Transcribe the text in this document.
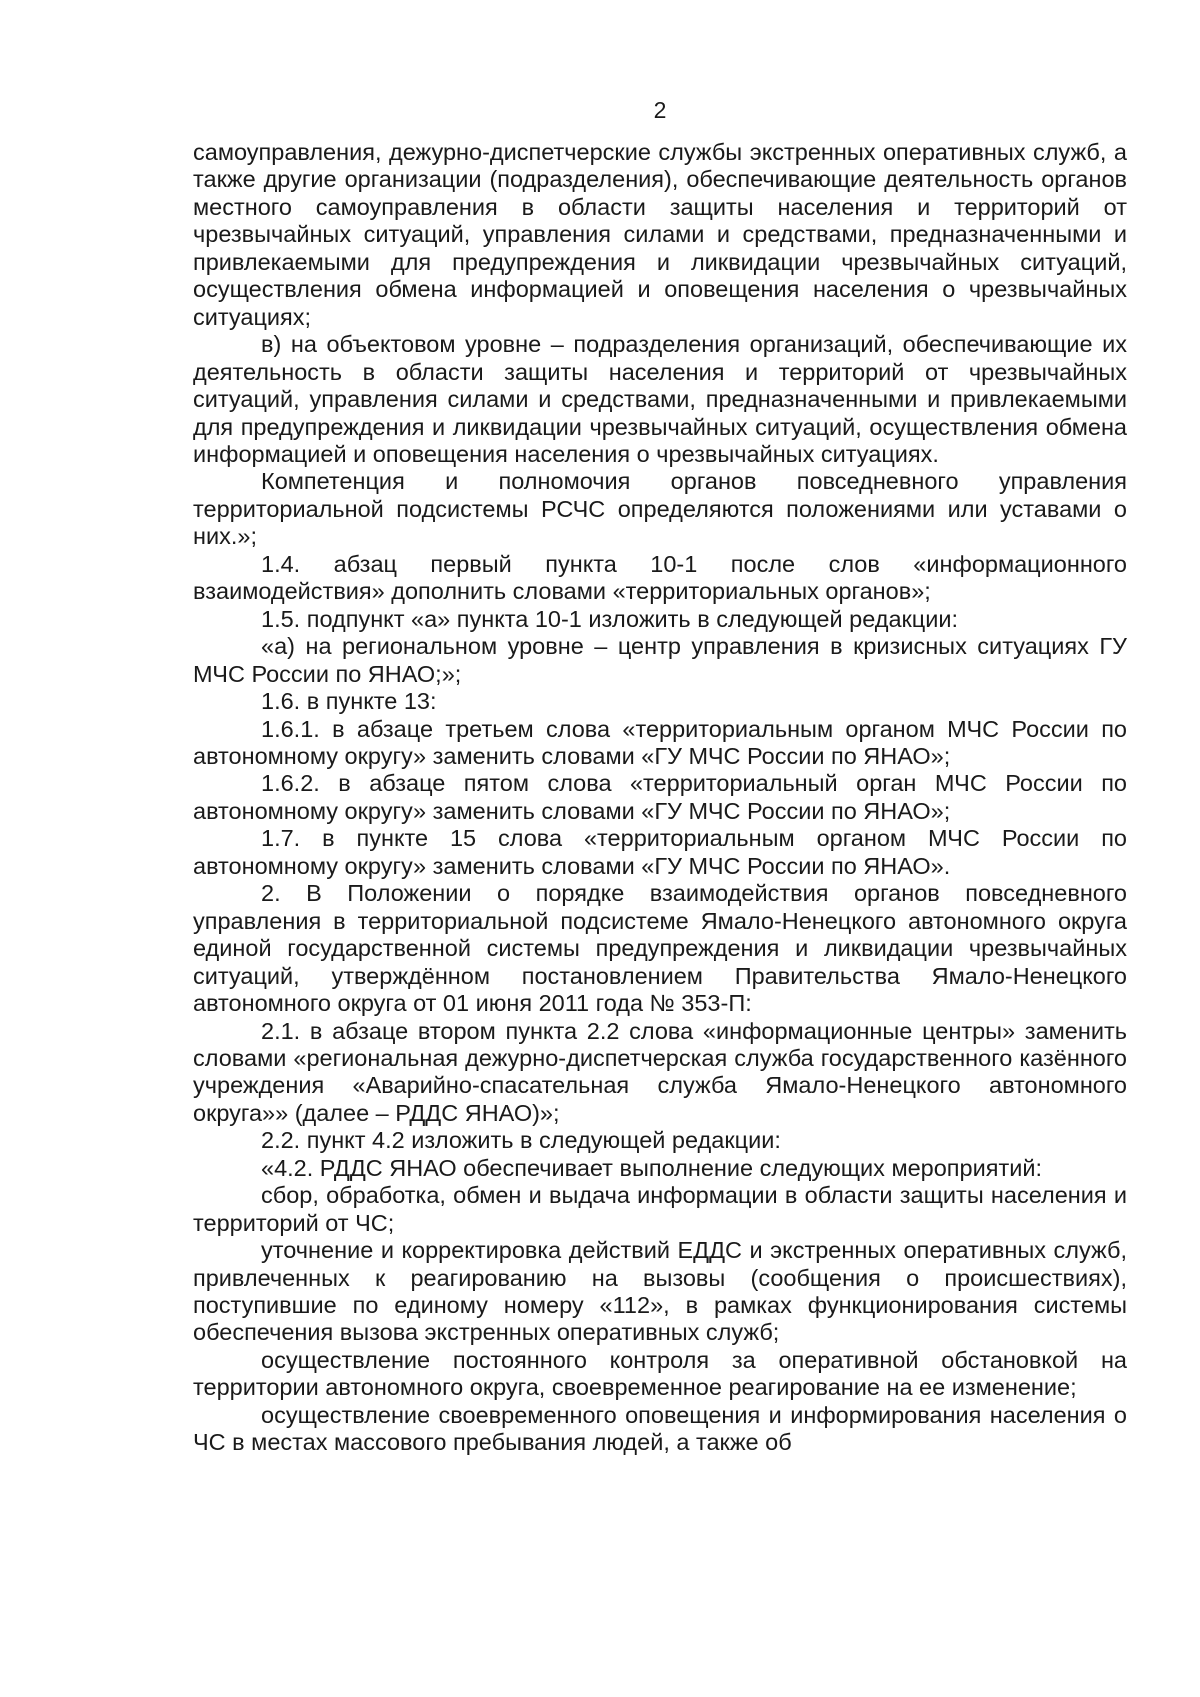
2

самоуправления, дежурно-диспетчерские службы экстренных оперативных служб, а также другие организации (подразделения), обеспечивающие деятельность органов местного самоуправления в области защиты населения и территорий от чрезвычайных ситуаций, управления силами и средствами, предназначенными и привлекаемыми для предупреждения и ликвидации чрезвычайных ситуаций, осуществления обмена информацией и оповещения населения о чрезвычайных ситуациях;

в) на объектовом уровне – подразделения организаций, обеспечивающие их деятельность в области защиты населения и территорий от чрезвычайных ситуаций, управления силами и средствами, предназначенными и привлекаемыми для предупреждения и ликвидации чрезвычайных ситуаций, осуществления обмена информацией и оповещения населения о чрезвычайных ситуациях.

Компетенция и полномочия органов повседневного управления территориальной подсистемы РСЧС определяются положениями или уставами о них.»;

1.4. абзац первый пункта 10-1 после слов «информационного взаимодействия» дополнить словами «территориальных органов»;

1.5. подпункт «а» пункта 10-1 изложить в следующей редакции:

«а) на региональном уровне – центр управления в кризисных ситуациях ГУ МЧС России по ЯНАО;»;

1.6. в пункте 13:

1.6.1. в абзаце третьем слова «территориальным органом МЧС России по автономному округу» заменить словами «ГУ МЧС России по ЯНАО»;

1.6.2. в абзаце пятом слова «территориальный орган МЧС России по автономному округу» заменить словами «ГУ МЧС России по ЯНАО»;

1.7. в пункте 15 слова «территориальным органом МЧС России по автономному округу» заменить словами «ГУ МЧС России по ЯНАО».

2. В Положении о порядке взаимодействия органов повседневного управления в территориальной подсистеме Ямало-Ненецкого автономного округа единой государственной системы предупреждения и ликвидации чрезвычайных ситуаций, утверждённом постановлением Правительства Ямало-Ненецкого автономного округа от 01 июня 2011 года № 353-П:

2.1. в абзаце втором пункта 2.2 слова «информационные центры» заменить словами «региональная дежурно-диспетчерская служба государственного казённого учреждения «Аварийно-спасательная служба Ямало-Ненецкого автономного округа»» (далее – РДДС ЯНАО)»;

2.2. пункт 4.2 изложить в следующей редакции:

«4.2. РДДС ЯНАО обеспечивает выполнение следующих мероприятий:

сбор, обработка, обмен и выдача информации в области защиты населения и территорий от ЧС;

уточнение и корректировка действий ЕДДС и экстренных оперативных служб, привлеченных к реагированию на вызовы (сообщения о происшествиях), поступившие по единому номеру «112», в рамках функционирования системы обеспечения вызова экстренных оперативных служб;

осуществление постоянного контроля за оперативной обстановкой на территории автономного округа, своевременное реагирование на ее изменение;

осуществление своевременного оповещения и информирования населения о ЧС в местах массового пребывания людей, а также об
